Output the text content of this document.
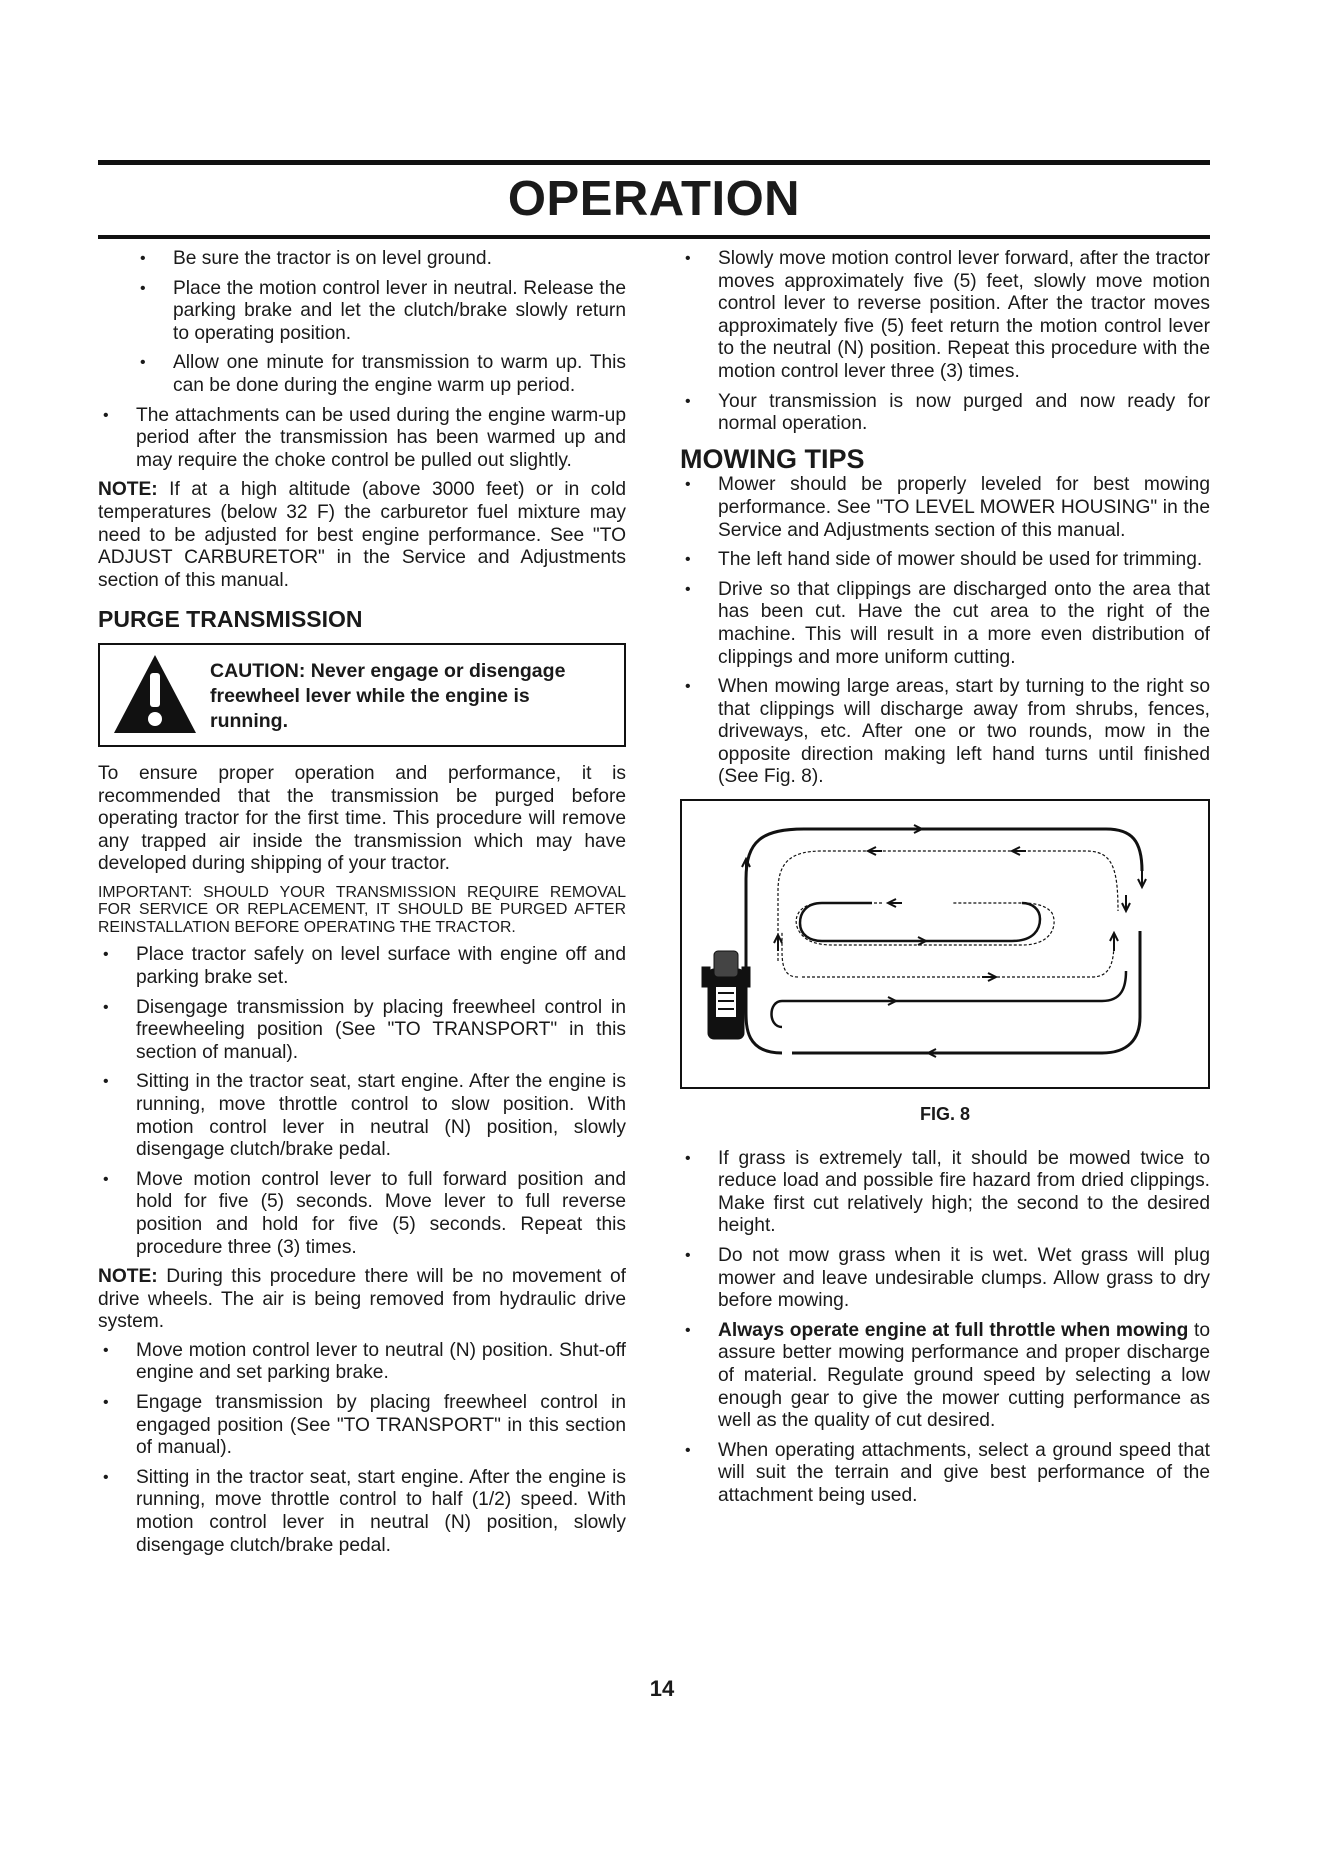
OPERATION

• Be sure the tractor is on level ground.

• Place the motion control lever in neutral. Release the parking brake and let the clutch/brake slowly return to operating position.

• Allow one minute for transmission to warm up. This can be done during the engine warm up period.

• The attachments can be used during the engine warm-up period after the transmission has been warmed up and may require the choke control be pulled out slightly.

NOTE: If at a high altitude (above 3000 feet) or in cold temperatures (below 32 F) the carburetor fuel mixture may need to be adjusted for best engine performance. See "TO ADJUST CARBURETOR" in the Service and Adjustments section of this manual.

PURGE TRANSMISSION
CAUTION: Never engage or disengage freewheel lever while the engine is running.

To ensure proper operation and performance, it is recommended that the transmission be purged before operating tractor for the first time. This procedure will remove any trapped air inside the transmission which may have developed during shipping of your tractor.

IMPORTANT: SHOULD YOUR TRANSMISSION REQUIRE REMOVAL FOR SERVICE OR REPLACEMENT, IT SHOULD BE PURGED AFTER REINSTALLATION BEFORE OPERATING THE TRACTOR.

• Place tractor safely on level surface with engine off and parking brake set.

• Disengage transmission by placing freewheel control in freewheeling position (See "TO TRANSPORT" in this section of manual).

• Sitting in the tractor seat, start engine. After the engine is running, move throttle control to slow position. With motion control lever in neutral (N) position, slowly disengage clutch/brake pedal.

• Move motion control lever to full forward position and hold for five (5) seconds. Move lever to full reverse position and hold for five (5) seconds. Repeat this procedure three (3) times.

NOTE: During this procedure there will be no movement of drive wheels. The air is being removed from hydraulic drive system.

• Move motion control lever to neutral (N) position. Shut-off engine and set parking brake.

• Engage transmission by placing freewheel control in engaged position (See "TO TRANSPORT" in this section of manual).

• Sitting in the tractor seat, start engine. After the engine is running, move throttle control to half (1/2) speed. With motion control lever in neutral (N) position, slowly disengage clutch/brake pedal.

• Slowly move motion control lever forward, after the tractor moves approximately five (5) feet, slowly move motion control lever to reverse position. After the tractor moves approximately five (5) feet return the motion control lever to the neutral (N) position. Repeat this procedure with the motion control lever three (3) times.

• Your transmission is now purged and now ready for normal operation.

MOWING TIPS

• Mower should be properly leveled for best mowing performance. See "TO LEVEL MOWER HOUSING" in the Service and Adjustments section of this manual.

• The left hand side of mower should be used for trimming.

• Drive so that clippings are discharged onto the area that has been cut. Have the cut area to the right of the machine. This will result in a more even distribution of clippings and more uniform cutting.

• When mowing large areas, start by turning to the right so that clippings will discharge away from shrubs, fences, driveways, etc. After one or two rounds, mow in the opposite direction making left hand turns until finished (See Fig. 8).

FIG. 8

• If grass is extremely tall, it should be mowed twice to reduce load and possible fire hazard from dried clippings. Make first cut relatively high; the second to the desired height.

• Do not mow grass when it is wet. Wet grass will plug mower and leave undesirable clumps. Allow grass to dry before mowing.

• Always operate engine at full throttle when mowing to assure better mowing performance and proper discharge of material. Regulate ground speed by selecting a low enough gear to give the mower cutting performance as well as the quality of cut desired.

• When operating attachments, select a ground speed that will suit the terrain and give best performance of the attachment being used.

14
